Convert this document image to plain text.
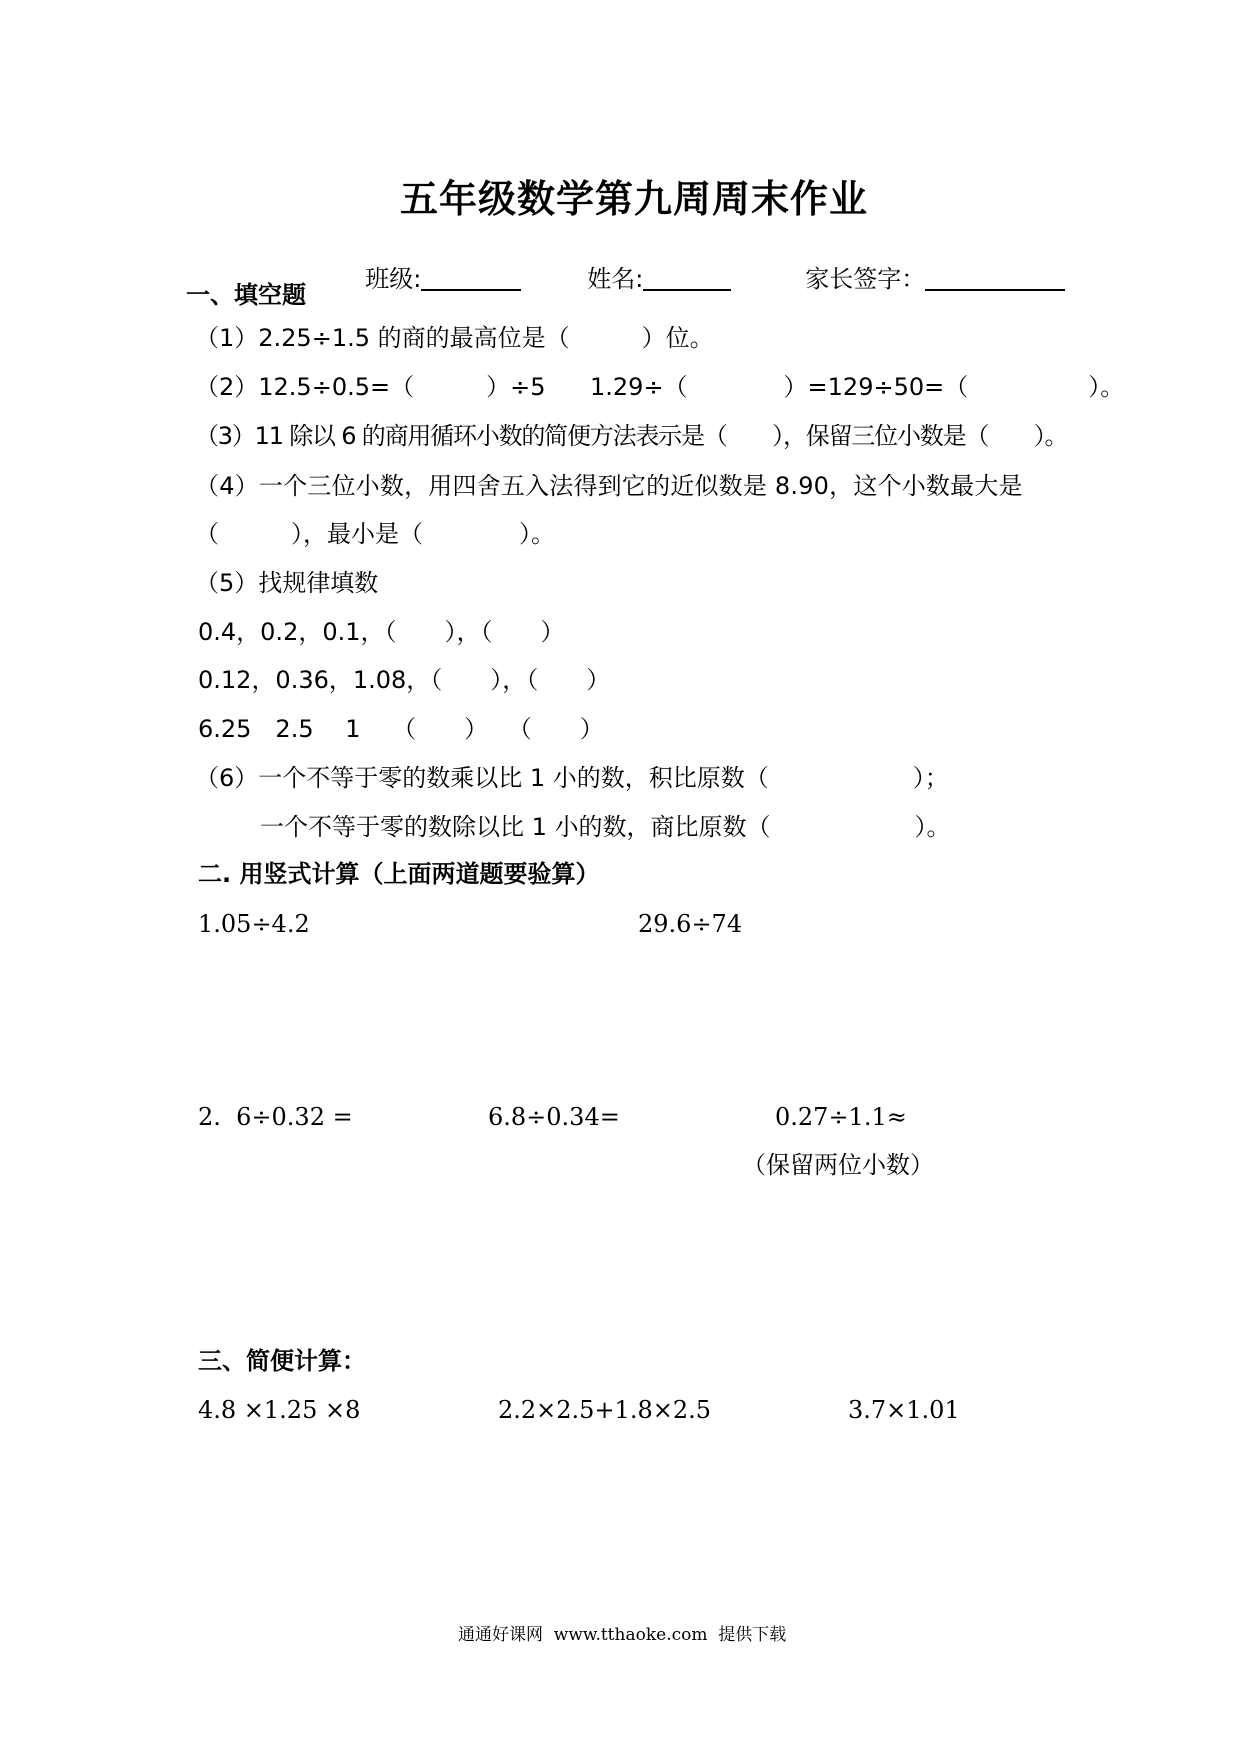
五年级数学第九周周末作业

班级:	姓名:	家长签字：

一、填空题
（1）2.25÷1.5 的商的最高位是（　　　）位。
（2）12.5÷0.5=（　　　）÷5 1.29÷（　　　　）=129÷50=（　　　　　）。
（3）11 除以 6 的商用循环小数的简便方法表示是（　　），保留三位小数是（　　）。
（4）一个三位小数，用四舍五入法得到它的近似数是 8.90，这个小数最大是
（　　　），最小是（　　　　）。
（5）找规律填数
0.4，0.2，0.1，（　　），（　　）
0.12，0.36，1.08，（　　），（　　）
6.25　2.5　 1　 （　　）　 （　　）
（6）一个不等于零的数乘以比 1 小的数，积比原数（　　　　　　）；
一个不等于零的数除以比 1 小的数，商比原数（　　　　　　）。
二. 用竖式计算（上面两道题要验算）
1.05÷4.2	29.6÷74
2.  6÷0.32 =	6.8÷0.34=	0.27÷1.1≈
（保留两位小数）
三、简便计算：
4.8 ×1.25 ×8	2.2×2.5+1.8×2.5	3.7×1.01
通通好课网  www.tthaoke.com  提供下载
